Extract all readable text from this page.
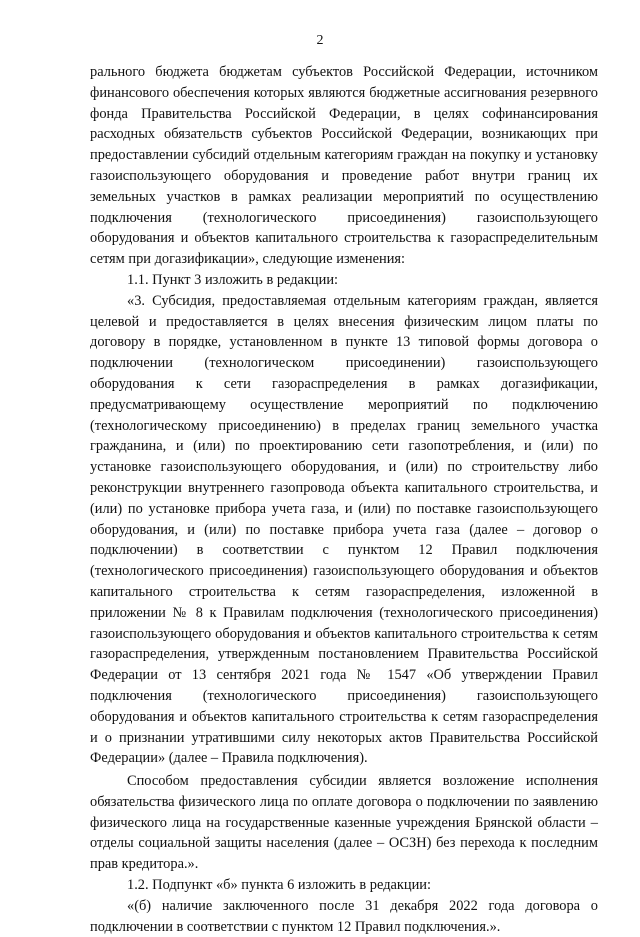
2

рального бюджета бюджетам субъектов Российской Федерации, источником финансового обеспечения которых являются бюджетные ассигнования резервного фонда Правительства Российской Федерации, в целях софинансирования расходных обязательств субъектов Российской Федерации, возникающих при предоставлении субсидий отдельным категориям граждан на покупку и установку газоиспользующего оборудования и проведение работ внутри границ их земельных участков в рамках реализации мероприятий по осуществлению подключения (технологического присоединения) газоиспользующего оборудования и объектов капитального строительства к газораспределительным сетям при догазификации», следующие изменения:

1.1. Пункт 3 изложить в редакции:

«3. Субсидия, предоставляемая отдельным категориям граждан, является целевой и предоставляется в целях внесения физическим лицом платы по договору в порядке, установленном в пункте 13 типовой формы договора о подключении (технологическом присоединении) газоиспользующего оборудования к сети газораспределения в рамках догазификации, предусматривающему осуществление мероприятий по подключению (технологическому присоединению) в пределах границ земельного участка гражданина, и (или) по проектированию сети газопотребления, и (или) по установке газоиспользующего оборудования, и (или) по строительству либо реконструкции внутреннего газопровода объекта капитального строительства, и (или) по установке прибора учета газа, и (или) по поставке газоиспользующего оборудования, и (или) по поставке прибора учета газа (далее – договор о подключении) в соответствии с пунктом 12 Правил подключения (технологического присоединения) газоиспользующего оборудования и объектов капитального строительства к сетям газораспределения, изложенной в приложении № 8 к Правилам подключения (технологического присоединения) газоиспользующего оборудования и объектов капитального строительства к сетям газораспределения, утвержденным постановлением Правительства Российской Федерации от 13 сентября 2021 года № 1547 «Об утверждении Правил подключения (технологического присоединения) газоиспользующего оборудования и объектов капитального строительства к сетям газораспределения и о признании утратившими силу некоторых актов Правительства Российской Федерации» (далее – Правила подключения).

Способом предоставления субсидии является возложение исполнения обязательства физического лица по оплате договора о подключении по заявлению физического лица на государственные казенные учреждения Брянской области – отделы социальной защиты населения (далее – ОСЗН) без перехода к последним прав кредитора.».

1.2. Подпункт «б» пункта 6 изложить в редакции:

«(б) наличие заключенного после 31 декабря 2022 года договора о подключении в соответствии с пунктом 12 Правил подключения.».
